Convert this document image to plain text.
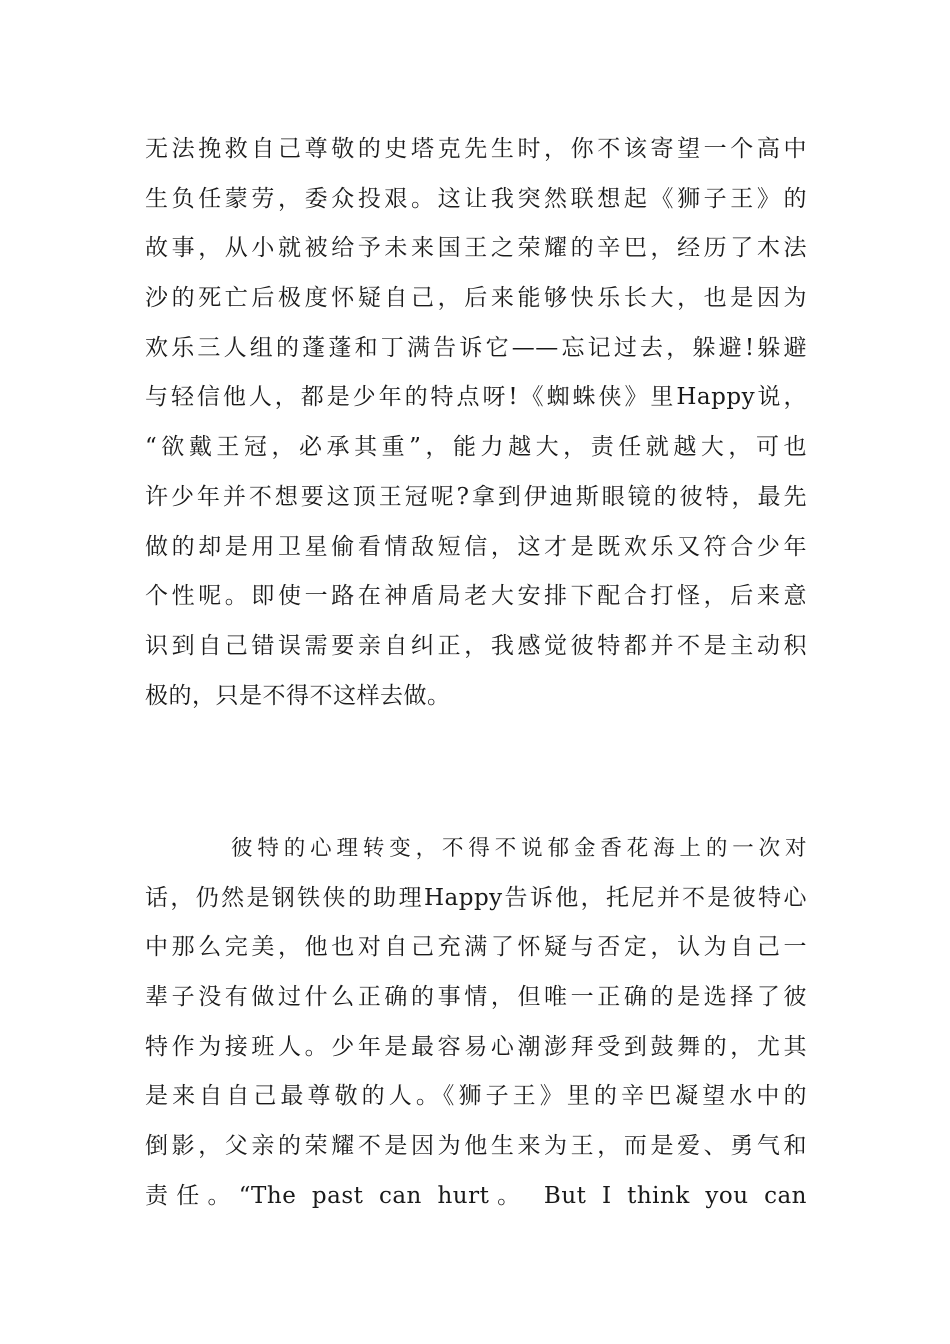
无法挽救自己尊敬的史塔克先生时，你不该寄望一个高中
生负任蒙劳，委众投艰。这让我突然联想起《狮子王》的
故事，从小就被给予未来国王之荣耀的辛巴，经历了木法
沙的死亡后极度怀疑自己，后来能够快乐长大，也是因为
欢乐三人组的蓬蓬和丁满告诉它——忘记过去，躲避!躲避
与轻信他人，都是少年的特点呀!《蜘蛛侠》里Happy说，
“欲戴王冠，必承其重”，能力越大，责任就越大，可也
许少年并不想要这顶王冠呢?拿到伊迪斯眼镜的彼特，最先
做的却是用卫星偷看情敌短信，这才是既欢乐又符合少年
个性呢。即使一路在神盾局老大安排下配合打怪，后来意
识到自己错误需要亲自纠正，我感觉彼特都并不是主动积
极的，只是不得不这样去做。
彼特的心理转变，不得不说郁金香花海上的一次对
话，仍然是钢铁侠的助理Happy告诉他，托尼并不是彼特心
中那么完美，他也对自己充满了怀疑与否定，认为自己一
辈子没有做过什么正确的事情，但唯一正确的是选择了彼
特作为接班人。少年是最容易心潮澎拜受到鼓舞的，尤其
是来自自己最尊敬的人。《狮子王》里的辛巴凝望水中的
倒影，父亲的荣耀不是因为他生来为王，而是爱、勇气和
责任。“The past can hurt。 But I think you can
